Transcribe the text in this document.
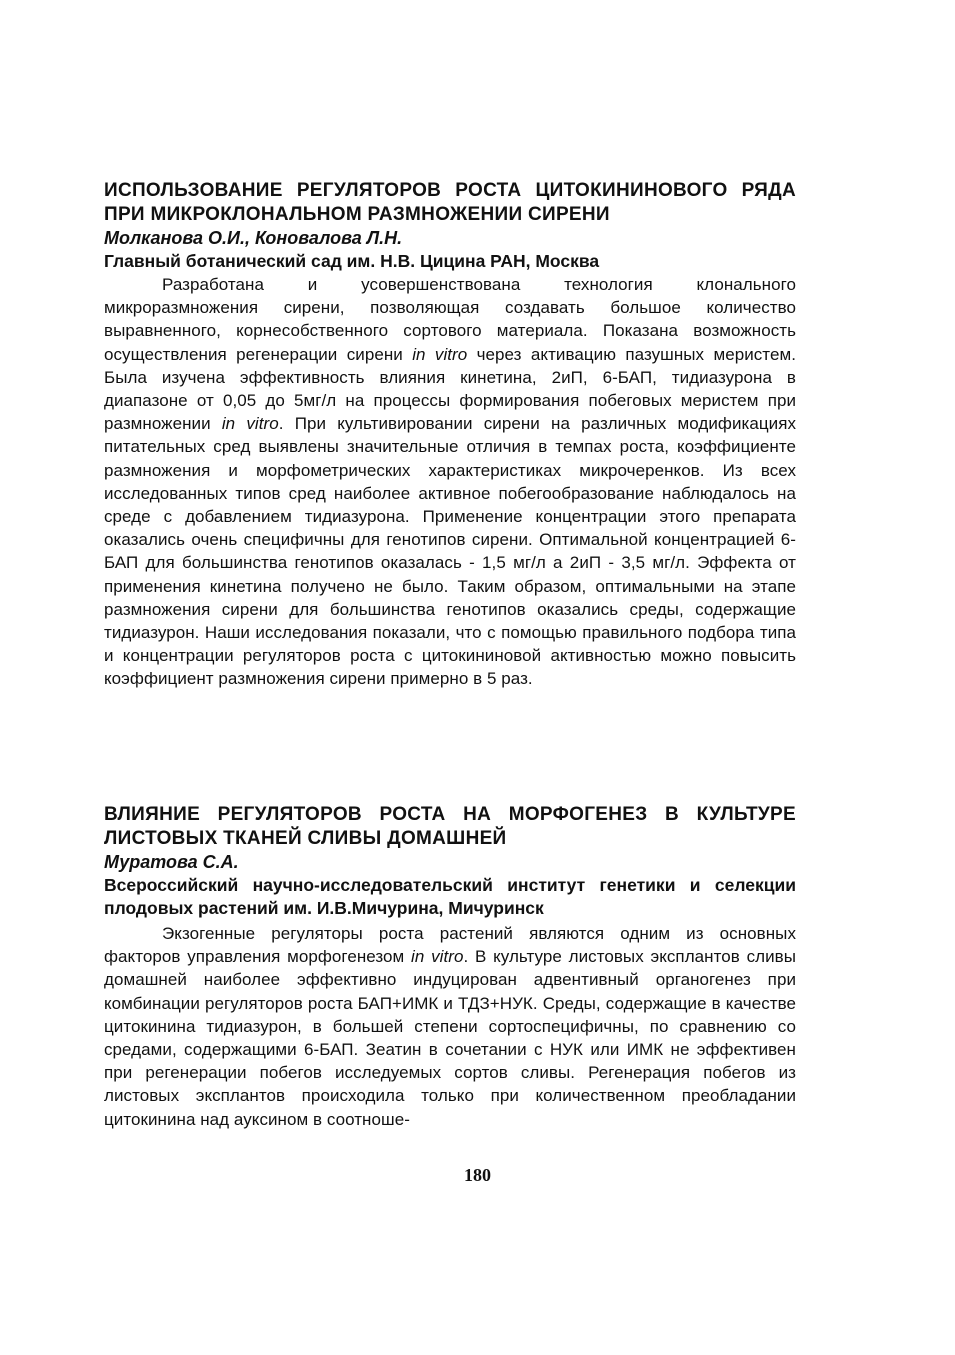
ИСПОЛЬЗОВАНИЕ РЕГУЛЯТОРОВ РОСТА ЦИТОКИНИНОВОГО РЯДА ПРИ МИКРОКЛОНАЛЬНОМ РАЗМНОЖЕНИИ СИРЕНИ

Молканова О.И., Коновалова Л.Н.

Главный ботанический сад им. Н.В. Цицина РАН, Москва

Разработана и усовершенствована технология клонального микроразмножения сирени, позволяющая создавать большое количество выравненного, корнесобственного сортового материала. Показана возможность осуществления регенерации сирени in vitro через активацию пазушных меристем. Была изучена эффективность влияния кинетина, 2иП, 6-БАП, тидиазурона в диапазоне от 0,05 до 5мг/л на процессы формирования побеговых меристем при размножении in vitro. При культивировании сирени на различных модификациях питательных сред выявлены значительные отличия в темпах роста, коэффициенте размножения и морфометрических характеристиках микрочеренков. Из всех исследованных типов сред наиболее активное побегообразование наблюдалось на среде с добавлением тидиазурона. Применение концентрации этого препарата оказались очень специфичны для генотипов сирени. Оптимальной концентрацией 6-БАП для большинства генотипов оказалась - 1,5 мг/л а 2иП - 3,5 мг/л. Эффекта от применения кинетина получено не было. Таким образом, оптимальными на этапе размножения сирени для большинства генотипов оказались среды, содержащие тидиазурон. Наши исследования показали, что с помощью правильного подбора типа и концентрации регуляторов роста с цитокининовой активностью можно повысить коэффициент размножения сирени примерно в 5 раз.

ВЛИЯНИЕ РЕГУЛЯТОРОВ РОСТА НА МОРФОГЕНЕЗ В КУЛЬТУРЕ ЛИСТОВЫХ ТКАНЕЙ СЛИВЫ ДОМАШНЕЙ

Муратова С.А.

Всероссийский научно-исследовательский институт генетики и селекции плодовых растений им. И.В.Мичурина, Мичуринск

Экзогенные регуляторы роста растений являются одним из основных факторов управления морфогенезом in vitro. В культуре листовых эксплантов сливы домашней наиболее эффективно индуцирован адвентивный органогенез при комбинации регуляторов роста БАП+ИМК и ТДЗ+НУК. Среды, содержащие в качестве цитокинина тидиазурон, в большей степени сортоспецифичны, по сравнению со средами, содержащими 6-БАП. Зеатин в сочетании с НУК или ИМК не эффективен при регенерации побегов исследуемых сортов сливы. Регенерация побегов из листовых эксплантов происходила только при количественном преобладании цитокинина над ауксином в соотноше-

180
